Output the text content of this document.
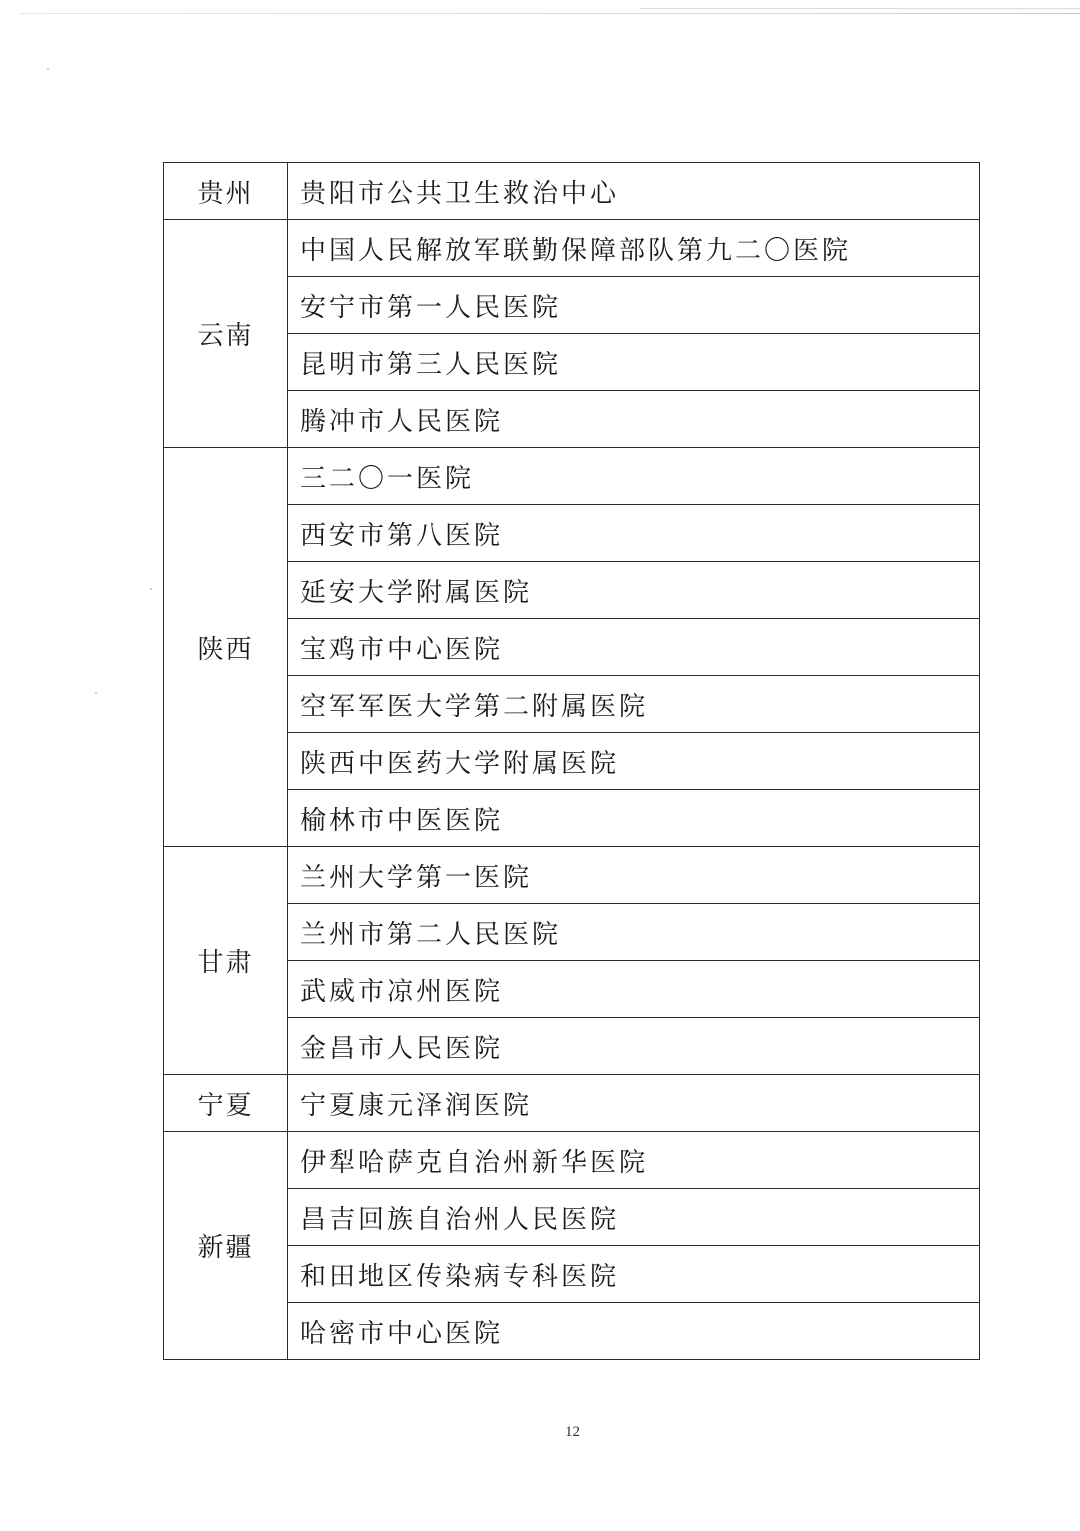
贵州	贵阳市公共卫生救治中心
云南	中国人民解放军联勤保障部队第九二〇医院
	安宁市第一人民医院
	昆明市第三人民医院
	腾冲市人民医院
陕西	三二〇一医院
	西安市第八医院
	延安大学附属医院
	宝鸡市中心医院
	空军军医大学第二附属医院
	陕西中医药大学附属医院
	榆林市中医医院
甘肃	兰州大学第一医院
	兰州市第二人民医院
	武威市凉州医院
	金昌市人民医院
宁夏	宁夏康元泽润医院
新疆	伊犁哈萨克自治州新华医院
	昌吉回族自治州人民医院
	和田地区传染病专科医院
	哈密市中心医院
12
